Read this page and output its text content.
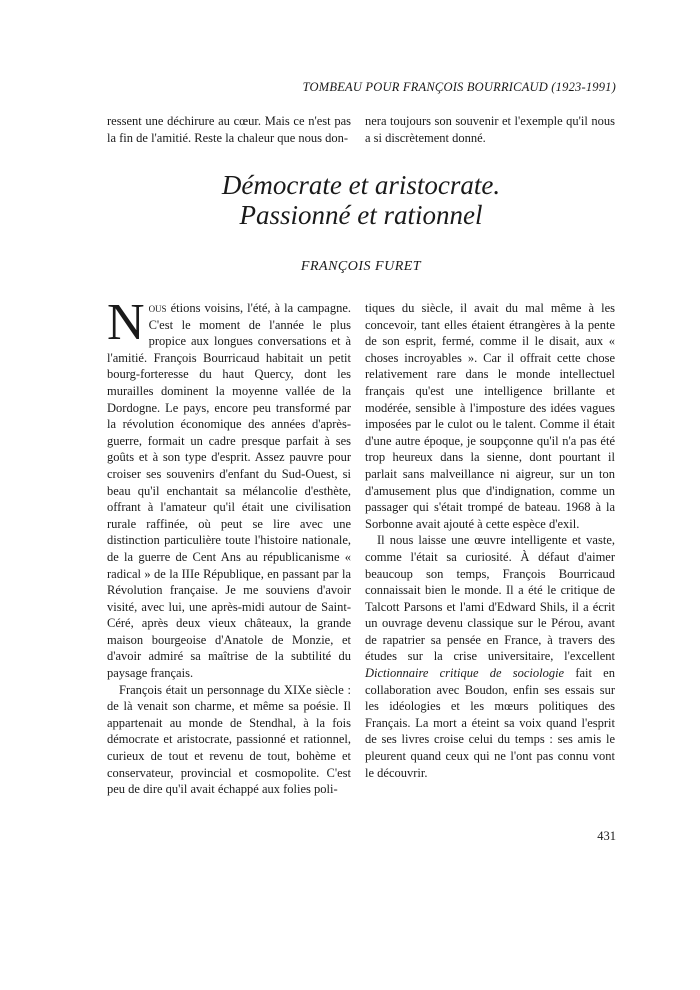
TOMBEAU POUR FRANÇOIS BOURRICAUD (1923-1991)

ressent une déchirure au cœur. Mais ce n'est pas la fin de l'amitié. Reste la chaleur que nous don-

nera toujours son souvenir et l'exemple qu'il nous a si discrètement donné.

Démocrate et aristocrate.
Passionné et rationnel
FRANÇOIS FURET

Nous étions voisins, l'été, à la campagne. C'est le moment de l'année le plus propice aux longues conversations et à l'amitié. François Bourricaud habitait un petit bourg-forteresse du haut Quercy, dont les murailles dominent la moyenne vallée de la Dordogne. Le pays, encore peu transformé par la révolution économique des années d'après-guerre, formait un cadre presque parfait à ses goûts et à son type d'esprit. Assez pauvre pour croiser ses souvenirs d'enfant du Sud-Ouest, si beau qu'il enchantait sa mélancolie d'esthète, offrant à l'amateur qu'il était une civilisation rurale raffinée, où peut se lire avec une distinction particulière toute l'histoire nationale, de la guerre de Cent Ans au républicanisme « radical » de la IIIe République, en passant par la Révolution française. Je me souviens d'avoir visité, avec lui, une après-midi autour de Saint-Céré, après deux vieux châteaux, la grande maison bourgeoise d'Anatole de Monzie, et d'avoir admiré sa maîtrise de la subtilité du paysage français.

François était un personnage du XIXe siècle : de là venait son charme, et même sa poésie. Il appartenait au monde de Stendhal, à la fois démocrate et aristocrate, passionné et rationnel, curieux de tout et revenu de tout, bohème et conservateur, provincial et cosmopolite. C'est peu de dire qu'il avait échappé aux folies poli-

tiques du siècle, il avait du mal même à les concevoir, tant elles étaient étrangères à la pente de son esprit, fermé, comme il le disait, aux « choses incroyables ». Car il offrait cette chose relativement rare dans le monde intellectuel français qu'est une intelligence brillante et modérée, sensible à l'imposture des idées vagues imposées par le culot ou le talent. Comme il était d'une autre époque, je soupçonne qu'il n'a pas été trop heureux dans la sienne, dont pourtant il parlait sans malveillance ni aigreur, sur un ton d'amusement plus que d'indignation, comme un passager qui s'était trompé de bateau. 1968 à la Sorbonne avait ajouté à cette espèce d'exil.

Il nous laisse une œuvre intelligente et vaste, comme l'était sa curiosité. À défaut d'aimer beaucoup son temps, François Bourricaud connaissait bien le monde. Il a été le critique de Talcott Parsons et l'ami d'Edward Shils, il a écrit un ouvrage devenu classique sur le Pérou, avant de rapatrier sa pensée en France, à travers des études sur la crise universitaire, l'excellent Dictionnaire critique de sociologie fait en collaboration avec Boudon, enfin ses essais sur les idéologies et les mœurs politiques des Français. La mort a éteint sa voix quand l'esprit de ses livres croise celui du temps : ses amis le pleurent quand ceux qui ne l'ont pas connu vont le découvrir.

431
